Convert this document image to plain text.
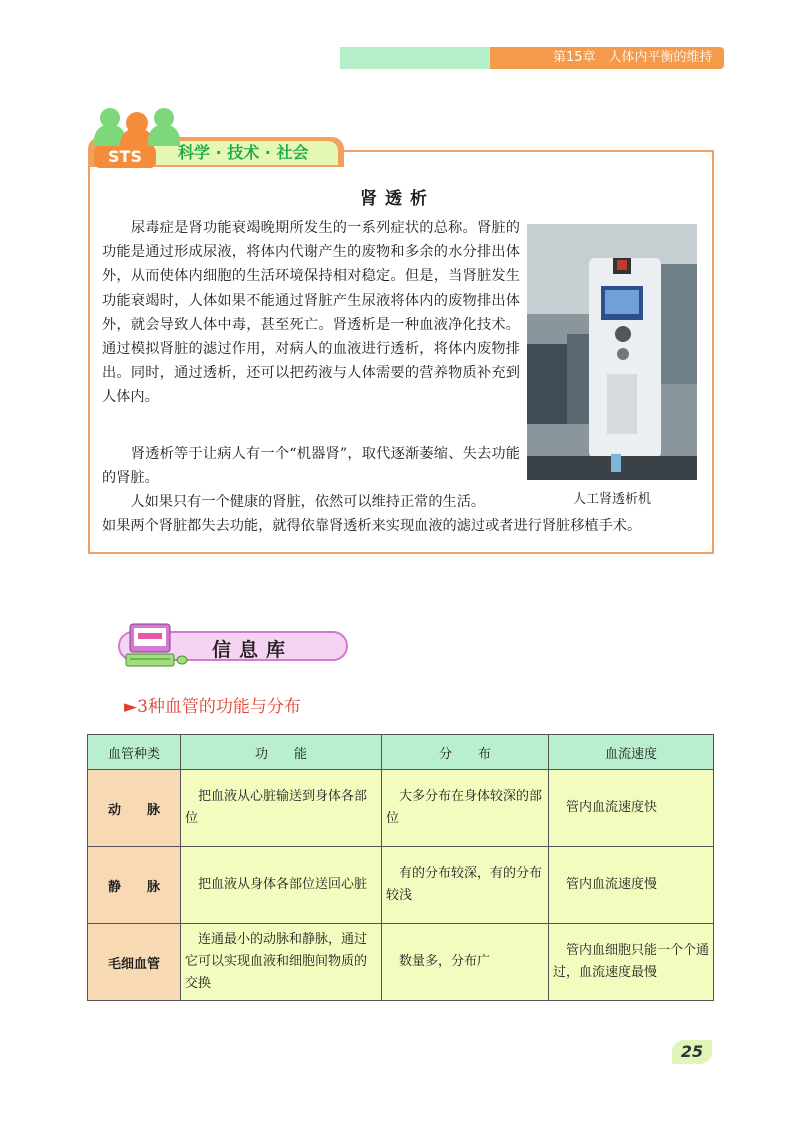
第15章　人体内平衡的维持
STS	科学 · 技术 · 社会
肾透析

　　尿毒症是肾功能衰竭晚期所发生的一系列症状的总称。肾脏的功能是通过形成尿液，将体内代谢产生的废物和多余的水分排出体外，从而使体内细胞的生活环境保持相对稳定。但是，当肾脏发生功能衰竭时，人体如果不能通过肾脏产生尿液将体内的废物排出体外，就会导致人体中毒，甚至死亡。肾透析是一种血液净化技术。通过模拟肾脏的滤过作用，对病人的血液进行透析，将体内废物排出。同时，通过透析，还可以把药液与人体需要的营养物质补充到人体内。

　　肾透析等于让病人有一个“机器肾”，取代逐渐萎缩、失去功能的肾脏。

　　人如果只有一个健康的肾脏，依然可以维持正常的生活。

如果两个肾脏都失去功能，就得依靠肾透析来实现血液的滤过或者进行肾脏移植手术。

人工肾透析机
信息库
►3种血管的功能与分布
血管种类	功　　能	分　　布	血流速度
动　　脉	　把血液从心脏输送到身体各部位	　大多分布在身体较深的部位	　管内血流速度快
静　　脉	　把血液从身体各部位送回心脏	　有的分布较深，有的分布较浅	　管内血流速度慢
毛细血管	　连通最小的动脉和静脉，通过它可以实现血液和细胞间物质的交换	　数量多，分布广	　管内血细胞只能一个个通过，血流速度最慢
25
